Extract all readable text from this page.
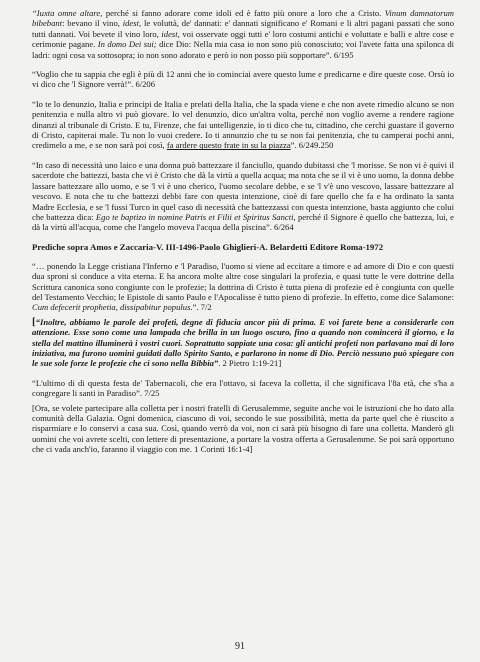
“Iuxta omne altare, perché si fanno adorare come idoli ed è fatto più onore a loro che a Cristo. Vinum damnatorum bibebant: bevano il vino, idest, le voluttà, de' dannati: e' dannati significano e' Romani e li altri pagani passati che sono tutti dannati. Voi bevete il vino loro, idest, voi osservate oggi tutti e' loro costumi antichi e voluttate e balli e altre cose e cerimonie pagane. In domo Dei sui; dice Dio: Nella mia casa io non sono più conosciuto; voi l'avete fatta una spilonca di ladri: ogni cosa va sottosopra; io non sono adorato e però io non posso più sopportare”. 6/195

“Voglio che tu sappia che egli è più di 12 anni che io cominciai avere questo lume e predicarne e dire queste cose. Orsù io vi dico che 'l Signore verrà!”. 6/206

“Io te lo denunzio, Italia e principi de Italia e prelati della Italia, che la spada viene e che non avete rimedio alcuno se non penitenzia e nulla altro vi può giovare. Io vel denunzio, dico un'altra volta, perché non voglio averne a rendere ragione dinanzi al tribunale di Cristo. E tu, Firenze, che fai untelligenzie, io ti dico che tu, cittadino, che cerchi guastare il governo di Cristo, capiterai male. Tu non lo vuoi credere. Io ti annunzio che tu se non fai penitenzia, che tu camperai pochi anni, credimelo a me, e se non sarà poi così, fa ardere questo frate in su la piazza”. 6/249.250

“In caso di necessità uno laico e una donna può battezzare il fanciullo, quando dubitassi che 'l morisse. Se non vi è quivi il sacerdote che battezzi, basta che vi è Cristo che dà la virtù a quella acqua; ma nota che se il vi è uno uomo, la donna debbe lassare battezzare allo uomo, e se 'l vi è uno cherico, l'uomo secolare debbe, e se 'l v'è uno vescovo, lassare battezzare al vescovo. E nota che tu che battezzi debbi fare con questa intenzione, cioè di fare quello che fa e ha ordinato la santa Madre Ecclesia, e se 'l fussi Turco in quel caso di necessità che battezzassi con questa intenzione, basta aggiunto che colui che battezza dica: Ego te baptizo in nomine Patris et Filii et Spiritus Sancti, perché il Signore è quello che battezza, lui, e dà la virtù all'acqua, come che l'angelo moveva l'acqua della piscina”. 6/264

Prediche sopra Amos e Zaccaria-V. III-1496-Paolo Ghiglieri-A. Belardetti Editore Roma-1972

“… ponendo la Legge cristiana l'Inferno e 'l Paradiso, l'uomo si viene ad eccitare a timore e ad amore di Dio e con questi dua sproni si conduce a vita eterna. E ha ancora molte altre cose singulari la profezia, e quasi tutte le vere dottrine della Scrittura canonica sono congiunte con le profezie; la dottrina di Cristo è tutta piena di profezie ed è congiunta con quelle del Testamento Vecchio; le Epistole di santo Paulo e l'Apocalisse è tutto pieno di profezie. In effetto, come dice Salamone: Cum defecerit prophetia, dissipabitur populus.”. 7/2

[“Inoltre, abbiamo le parole dei profeti, degne di fiducia ancor più di prima. E voi farete bene a considerarle con attenzione. Esse sono come una lampada che brilla in un luogo oscuro, fino a quando non comincerà il giorno, e la stella del mattino illuminerà i vostri cuori. Soprattutto sappiate una cosa: gli antichi profeti non parlavano mai di loro iniziativa, ma furono uomini guidati dallo Spirito Santo, e parlarono in nome di Dio. Perciò nessuno può spiegare con le sue sole forze le profezie che ci sono nella Bibbia”. 2 Pietro 1:19-21]

“L'ultimo di di questa festa de' Tabernacoli, che era l'ottavo, si faceva la colletta, il che significava l'8a età, che s'ha a congregare li santi in Paradiso”. 7/25

[Ora, se volete partecipare alla colletta per i nostri fratelli di Gerusalemme, seguite anche voi le istruzioni che ho dato alla comunità della Galazia. Ogni domenica, ciascuno di voi, secondo le sue possibilità, metta da parte quel che è riuscito a risparmiare e lo conservi a casa sua. Così, quando verrò da voi, non ci sarà più bisogno di fare una colletta. Manderò gli uomini che voi avrete scelti, con lettere di presentazione, a portare la vostra offerta a Gerusalemme. Se poi sarà opportuno che ci vada anch'io, faranno il viaggio con me. 1 Corinti 16:1-4]

91
